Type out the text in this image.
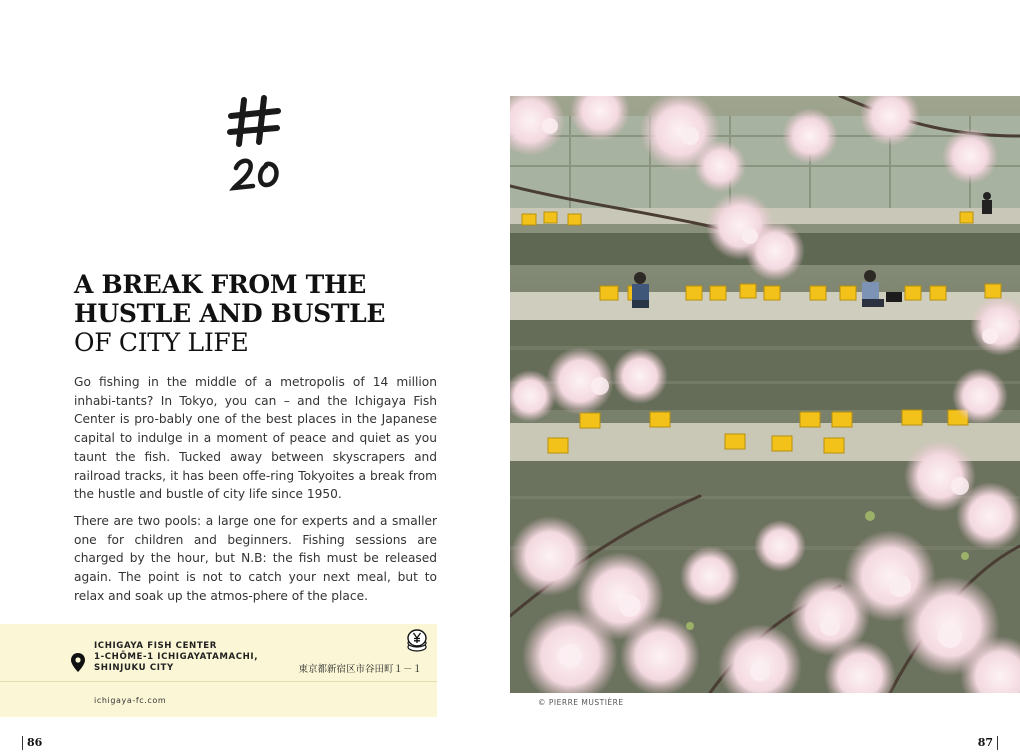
A BREAK FROM THE
HUSTLE AND BUSTLE
OF CITY LIFE

Go fishing in the middle of a metropolis of 14 million inhabi-tants? In Tokyo, you can – and the Ichigaya Fish Center is pro-bably one of the best places in the Japanese capital to indulge in a moment of peace and quiet as you taunt the fish. Tucked away between skyscrapers and railroad tracks, it has been offe-ring Tokyoites a break from the hustle and bustle of city life since 1950.

There are two pools: a large one for experts and a smaller one for children and beginners. Fishing sessions are charged by the hour, but N.B: the fish must be released again. The point is not to catch your next meal, but to relax and soak up the atmos-phere of the place.

ICHIGAYA FISH CENTER
1-CHŌME-1 ICHIGAYATAMACHI,
SHINJUKU CITY	東京都新宿区市谷田町１－１
ichigaya-fc.com	© PIERRE MUSTIÈRE
86	87
